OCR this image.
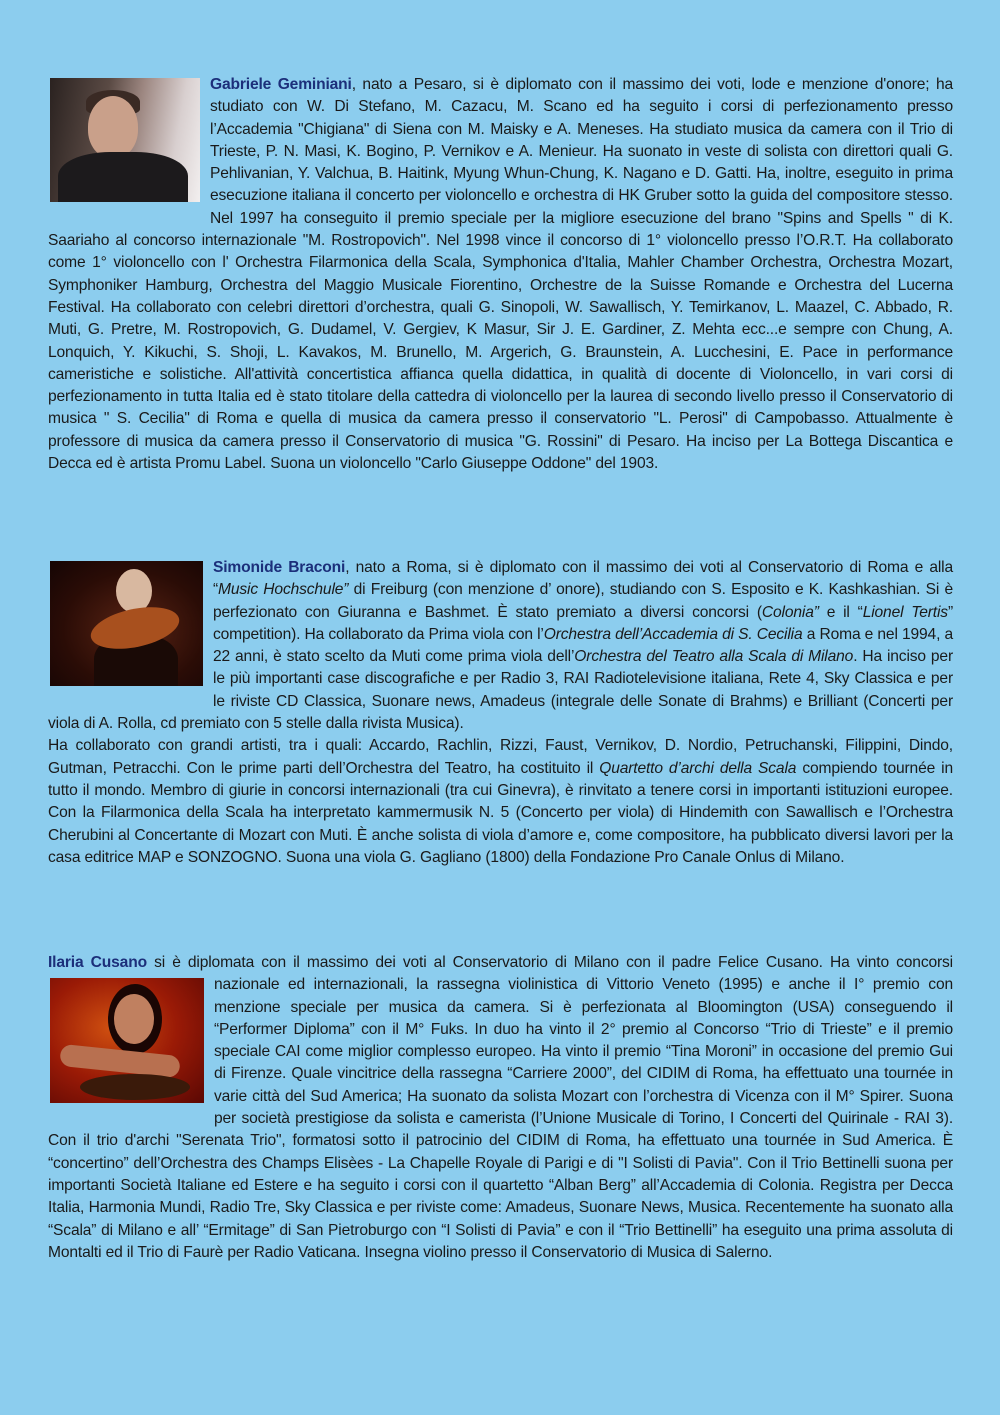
Gabriele Geminiani
, nato a Pesaro, si è diplomato con il massimo dei voti, lode e menzione d'onore; ha studiato con W. Di Stefano, M. Cazacu, M. Scano ed ha seguito i corsi di perfezionamento presso l’Accademia "Chigiana" di Siena con M. Maisky e A. Meneses. Ha studiato musica da camera con il Trio di Trieste, P. N. Masi, K. Bogino, P. Vernikov e A. Menieur. Ha suonato in veste di solista con direttori quali G. Pehlivanian, Y. Valchua, B. Haitink, Myung Whun-Chung, K. Nagano e D. Gatti. Ha, inoltre, eseguito in prima esecuzione italiana il concerto per violoncello e orchestra di HK Gruber sotto la guida del compositore stesso. Nel 1997 ha conseguito il premio speciale per la migliore esecuzione del brano "Spins and Spells " di K. Saariaho al concorso internazionale "M. Rostropovich". Nel 1998 vince il concorso di 1° violoncello presso l’O.R.T. Ha collaborato come 1° violoncello con l' Orchestra Filarmonica della Scala, Symphonica d'Italia, Mahler Chamber Orchestra, Orchestra Mozart, Symphoniker Hamburg, Orchestra del Maggio Musicale Fiorentino, Orchestre de la Suisse Romande e Orchestra del Lucerna Festival. Ha collaborato con celebri direttori d’orchestra, quali G. Sinopoli, W. Sawallisch, Y. Temirkanov, L. Maazel, C. Abbado, R. Muti, G. Pretre, M. Rostropovich, G. Dudamel, V. Gergiev, K Masur, Sir J. E. Gardiner, Z. Mehta ecc...e sempre con Chung, A. Lonquich, Y. Kikuchi, S. Shoji, L. Kavakos, M. Brunello, M. Argerich, G. Braunstein, A. Lucchesini, E. Pace in performance cameristiche e solistiche. All'attività concertistica affianca quella didattica, in qualità di docente di Violoncello, in vari corsi di perfezionamento in tutta Italia ed è stato titolare della cattedra di violoncello per la laurea di secondo livello presso il Conservatorio di musica " S. Cecilia" di Roma e quella di musica da camera presso il conservatorio "L. Perosi" di Campobasso. Attualmente è professore di musica da camera presso il Conservatorio di musica "G. Rossini" di Pesaro. Ha inciso per La Bottega Discantica e Decca ed è artista Promu Label. Suona un violoncello "Carlo Giuseppe Oddone" del 1903.

Simonide Braconi
, nato a Roma, si è diplomato con il massimo dei voti al Conservatorio di Roma e alla “Music Hochschule” di Freiburg (con menzione d’ onore), studiando con S. Esposito e K. Kashkashian. Si è perfezionato con Giuranna e Bashmet. È stato premiato a diversi concorsi (Colonia” e il “Lionel Tertis” competition). Ha collaborato da Prima viola con l’Orchestra dell’Accademia di S. Cecilia a Roma e nel 1994, a 22 anni, è stato scelto da Muti come prima viola dell’Orchestra del Teatro alla Scala di Milano. Ha inciso per le più importanti case discografiche e per Radio 3, RAI Radiotelevisione italiana, Rete 4, Sky Classica e per le riviste CD Classica, Suonare news, Amadeus (integrale delle Sonate di Brahms) e Brilliant (Concerti per viola di A. Rolla, cd premiato con 5 stelle dalla rivista Musica).

Ha collaborato con grandi artisti, tra i quali: Accardo, Rachlin, Rizzi, Faust, Vernikov, D. Nordio, Petruchanski, Filippini, Dindo, Gutman, Petracchi. Con le prime parti dell’Orchestra del Teatro, ha costituito il Quartetto d’archi della Scala compiendo tournée in tutto il mondo. Membro di giurie in concorsi internazionali (tra cui Ginevra), è rinvitato a tenere corsi in importanti istituzioni europee. Con la Filarmonica della Scala ha interpretato kammermusik N. 5 (Concerto per viola) di Hindemith con Sawallisch e l’Orchestra Cherubini al Concertante di Mozart con Muti. È anche solista di viola d’amore e, come compositore, ha pubblicato diversi lavori per la casa editrice MAP e SONZOGNO. Suona una viola G. Gagliano (1800) della Fondazione Pro Canale Onlus di Milano.

Ilaria Cusano si è diplomata con il massimo dei voti al Conservatorio di Milano con il padre Felice Cusano. Ha vinto
concorsi nazionale ed internazionali, la rassegna violinistica di Vittorio Veneto (1995) e anche il I° premio con menzione speciale per musica da camera. Si è perfezionata al Bloomington (USA) conseguendo il “Performer Diploma” con il M° Fuks. In duo ha vinto il 2° premio al Concorso “Trio di Trieste” e il premio speciale CAI come miglior complesso europeo. Ha vinto il premio “Tina Moroni” in occasione del premio Gui di Firenze. Quale vincitrice della rassegna “Carriere 2000”, del CIDIM di Roma, ha effettuato una tournée in varie città del Sud America; Ha suonato da solista Mozart con l’orchestra di Vicenza con il M° Spirer. Suona per società prestigiose da solista e camerista (l’Unione Musicale di Torino, I Concerti del Quirinale - RAI 3). Con il trio d'archi "Serenata Trio", formatosi sotto il patrocinio del CIDIM di Roma, ha effettuato una tournée in Sud America. È “concertino” dell’Orchestra des Champs Elisèes - La Chapelle Royale di Parigi e di "I Solisti di Pavia". Con il Trio Bettinelli suona per importanti Società Italiane ed Estere e ha seguito i corsi con il quartetto “Alban Berg” all’Accademia di Colonia. Registra per Decca Italia, Harmonia Mundi, Radio Tre, Sky Classica e per riviste come: Amadeus, Suonare News, Musica. Recentemente ha suonato alla “Scala” di Milano e all’ “Ermitage” di San Pietroburgo con “I Solisti di Pavia” e con il “Trio Bettinelli” ha eseguito una prima assoluta di Montalti ed il Trio di Faurè per Radio Vaticana. Insegna violino presso il Conservatorio di Musica di Salerno.
